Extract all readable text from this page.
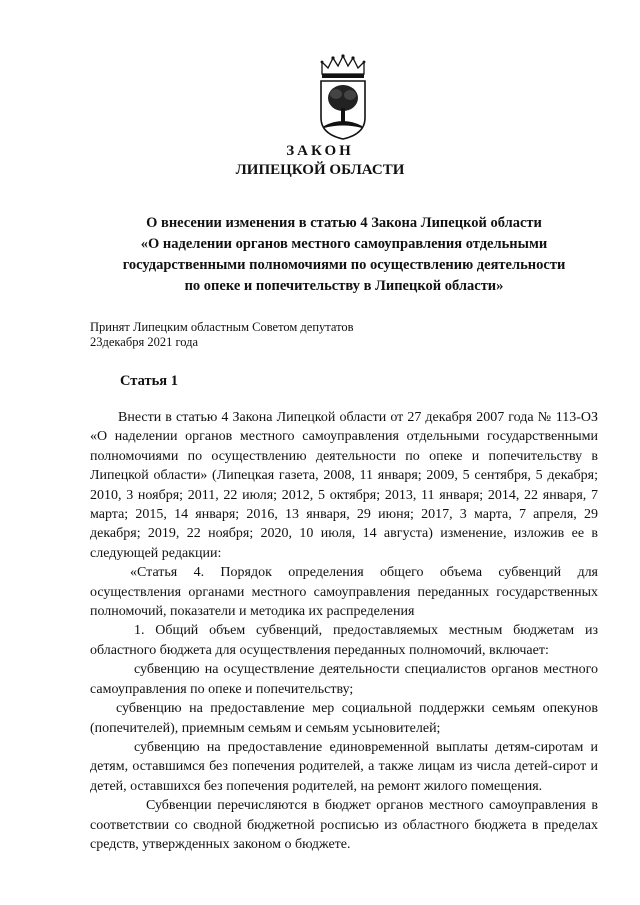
ЗАКОН
ЛИПЕЦКОЙ ОБЛАСТИ
О внесении изменения в статью 4 Закона Липецкой области
«О наделении органов местного самоуправления отдельными
государственными полномочиями по осуществлению деятельности
по опеке и попечительству в Липецкой области»
Принят Липецким областным Советом депутатов
23декабря 2021 года
Статья 1

Внести в статью 4 Закона Липецкой области от 27 декабря 2007 года № 113-ОЗ «О наделении органов местного самоуправления отдельными государственными полномочиями по осуществлению деятельности по опеке и попечительству в Липецкой области» (Липецкая газета, 2008, 11 января; 2009, 5 сентября, 5 декабря; 2010, 3 ноября; 2011, 22 июля; 2012, 5 октября; 2013, 11 января; 2014, 22 января, 7 марта; 2015, 14 января; 2016, 13 января, 29 июня; 2017, 3 марта, 7 апреля, 29 декабря; 2019, 22 ноября; 2020, 10 июля, 14 августа) изменение, изложив ее в следующей редакции:

«Статья 4. Порядок определения общего объема субвенций для осуществления органами местного самоуправления переданных государственных полномочий, показатели и методика их распределения

1. Общий объем субвенций, предоставляемых местным бюджетам из областного бюджета для осуществления переданных полномочий, включает:

субвенцию на осуществление деятельности специалистов органов местного самоуправления по опеке и попечительству;

субвенцию на предоставление мер социальной поддержки семьям опекунов (попечителей), приемным семьям и семьям усыновителей;

субвенцию на предоставление единовременной выплаты детям-сиротам и детям, оставшимся без попечения родителей, а также лицам из числа детей-сирот и детей, оставшихся без попечения родителей, на ремонт жилого помещения.

Субвенции перечисляются в бюджет органов местного самоуправления в соответствии со сводной бюджетной росписью из областного бюджета в пределах средств, утвержденных законом о бюджете.
